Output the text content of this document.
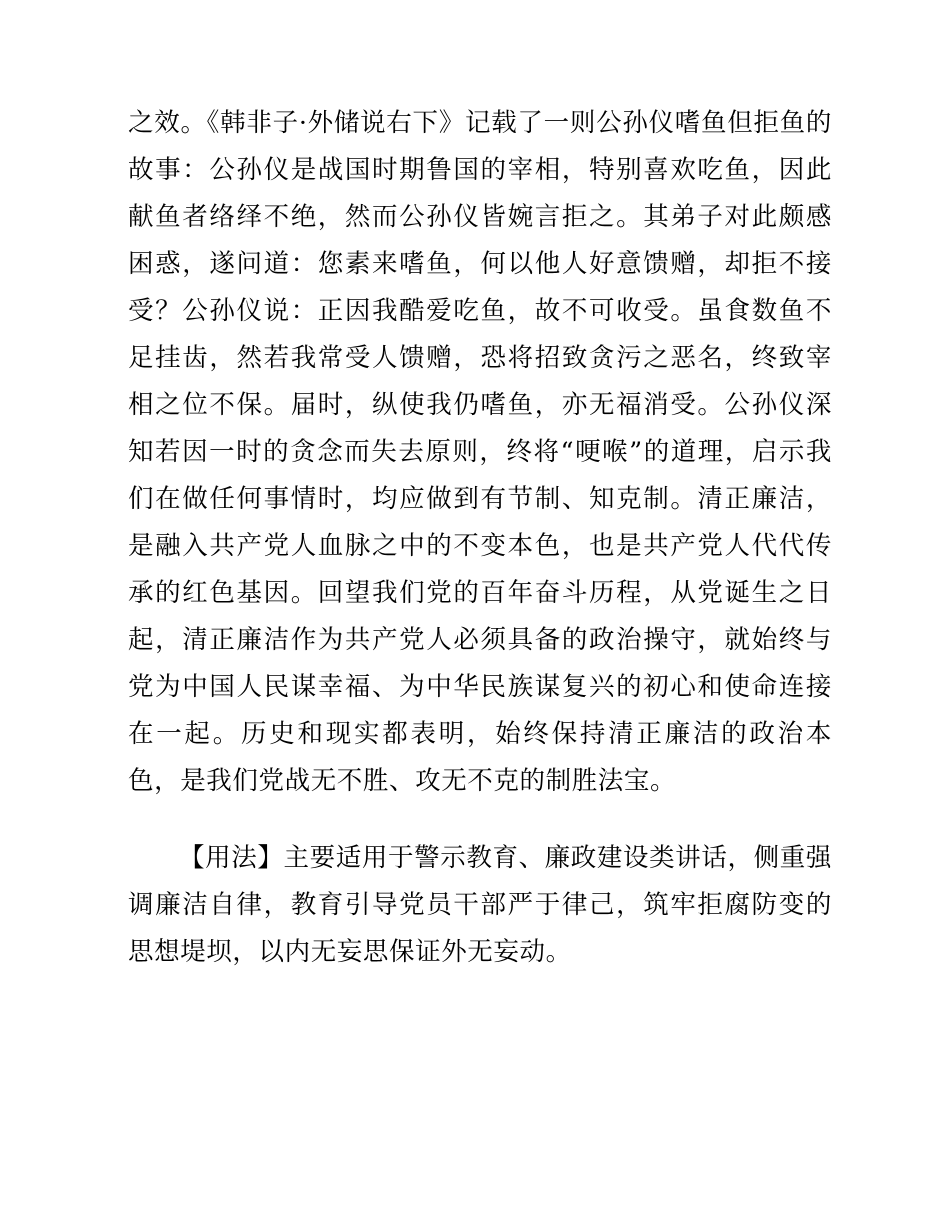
之效。《韩非子·外储说右下》记载了一则公孙仪嗜鱼但拒鱼的故事：公孙仪是战国时期鲁国的宰相，特别喜欢吃鱼，因此献鱼者络绎不绝，然而公孙仪皆婉言拒之。其弟子对此颇感困惑，遂问道：您素来嗜鱼，何以他人好意馈赠，却拒不接受？公孙仪说：正因我酷爱吃鱼，故不可收受。虽食数鱼不足挂齿，然若我常受人馈赠，恐将招致贪污之恶名，终致宰相之位不保。届时，纵使我仍嗜鱼，亦无福消受。公孙仪深知若因一时的贪念而失去原则，终将“哽喉”的道理，启示我们在做任何事情时，均应做到有节制、知克制。清正廉洁，是融入共产党人血脉之中的不变本色，也是共产党人代代传承的红色基因。回望我们党的百年奋斗历程，从党诞生之日起，清正廉洁作为共产党人必须具备的政治操守，就始终与党为中国人民谋幸福、为中华民族谋复兴的初心和使命连接在一起。历史和现实都表明，始终保持清正廉洁的政治本色，是我们党战无不胜、攻无不克的制胜法宝。

【用法】主要适用于警示教育、廉政建设类讲话，侧重强调廉洁自律，教育引导党员干部严于律己，筑牢拒腐防变的思想堤坝，以内无妄思保证外无妄动。
